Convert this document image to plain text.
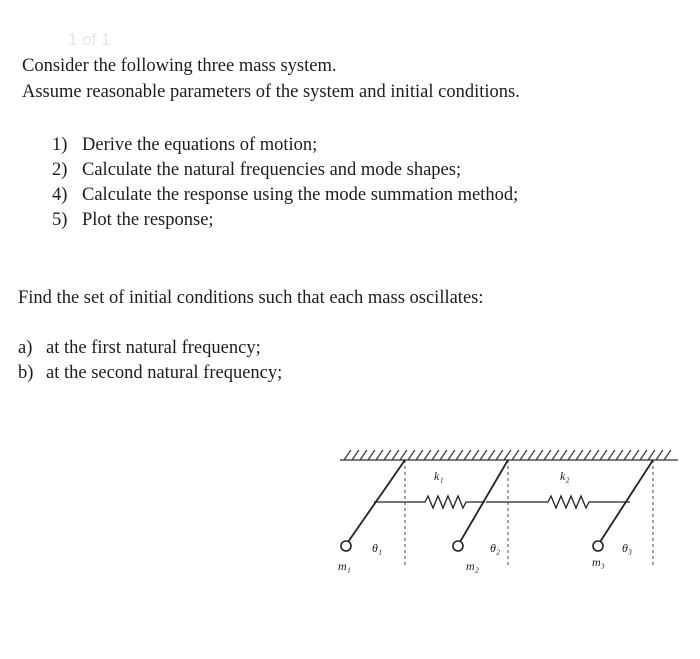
1 of 1
Consider the following three mass system.
Assume reasonable parameters of the system and initial conditions.
1) Derive the equations of motion;
2) Calculate the natural frequencies and mode shapes;
4) Calculate the response using the mode summation method;
5) Plot the response;
Find the set of initial conditions such that each mass oscillates:
a) at the first natural frequency;
b) at the second natural frequency;
k₁	k₂
θ₁	θ₂	θ₃
m₁	m₂	m₃
